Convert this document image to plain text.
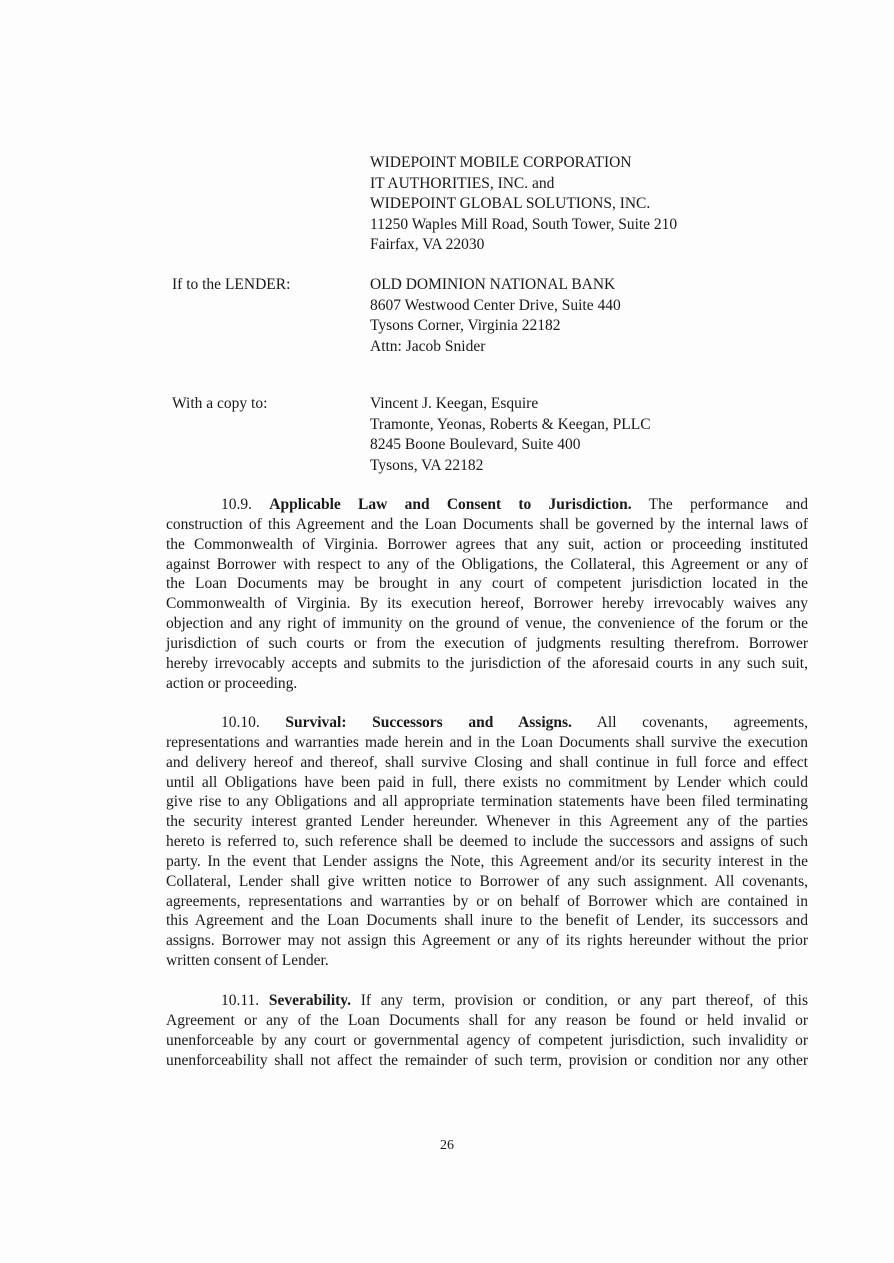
WIDEPOINT MOBILE CORPORATION
IT AUTHORITIES, INC. and
WIDEPOINT GLOBAL SOLUTIONS, INC.
11250 Waples Mill Road, South Tower, Suite 210
Fairfax, VA 22030
If to the LENDER:	OLD DOMINION NATIONAL BANK
8607 Westwood Center Drive, Suite 440
Tysons Corner, Virginia 22182
Attn: Jacob Snider
With a copy to:	Vincent J. Keegan, Esquire
Tramonte, Yeonas, Roberts & Keegan, PLLC
8245 Boone Boulevard, Suite 400
Tysons, VA 22182
10.9. Applicable Law and Consent to Jurisdiction. The performance and
construction of this Agreement and the Loan Documents shall be governed by the internal laws of
the Commonwealth of Virginia. Borrower agrees that any suit, action or proceeding instituted
against Borrower with respect to any of the Obligations, the Collateral, this Agreement or any of
the Loan Documents may be brought in any court of competent jurisdiction located in the
Commonwealth of Virginia. By its execution hereof, Borrower hereby irrevocably waives any
objection and any right of immunity on the ground of venue, the convenience of the forum or the
jurisdiction of such courts or from the execution of judgments resulting therefrom. Borrower
hereby irrevocably accepts and submits to the jurisdiction of the aforesaid courts in any such suit,
action or proceeding.
10.10. Survival: Successors and Assigns. All covenants, agreements,
representations and warranties made herein and in the Loan Documents shall survive the execution
and delivery hereof and thereof, shall survive Closing and shall continue in full force and effect
until all Obligations have been paid in full, there exists no commitment by Lender which could
give rise to any Obligations and all appropriate termination statements have been filed terminating
the security interest granted Lender hereunder. Whenever in this Agreement any of the parties
hereto is referred to, such reference shall be deemed to include the successors and assigns of such
party. In the event that Lender assigns the Note, this Agreement and/or its security interest in the
Collateral, Lender shall give written notice to Borrower of any such assignment. All covenants,
agreements, representations and warranties by or on behalf of Borrower which are contained in
this Agreement and the Loan Documents shall inure to the benefit of Lender, its successors and
assigns. Borrower may not assign this Agreement or any of its rights hereunder without the prior
written consent of Lender.
10.11. Severability. If any term, provision or condition, or any part thereof, of this
Agreement or any of the Loan Documents shall for any reason be found or held invalid or
unenforceable by any court or governmental agency of competent jurisdiction, such invalidity or
unenforceability shall not affect the remainder of such term, provision or condition nor any other
26
